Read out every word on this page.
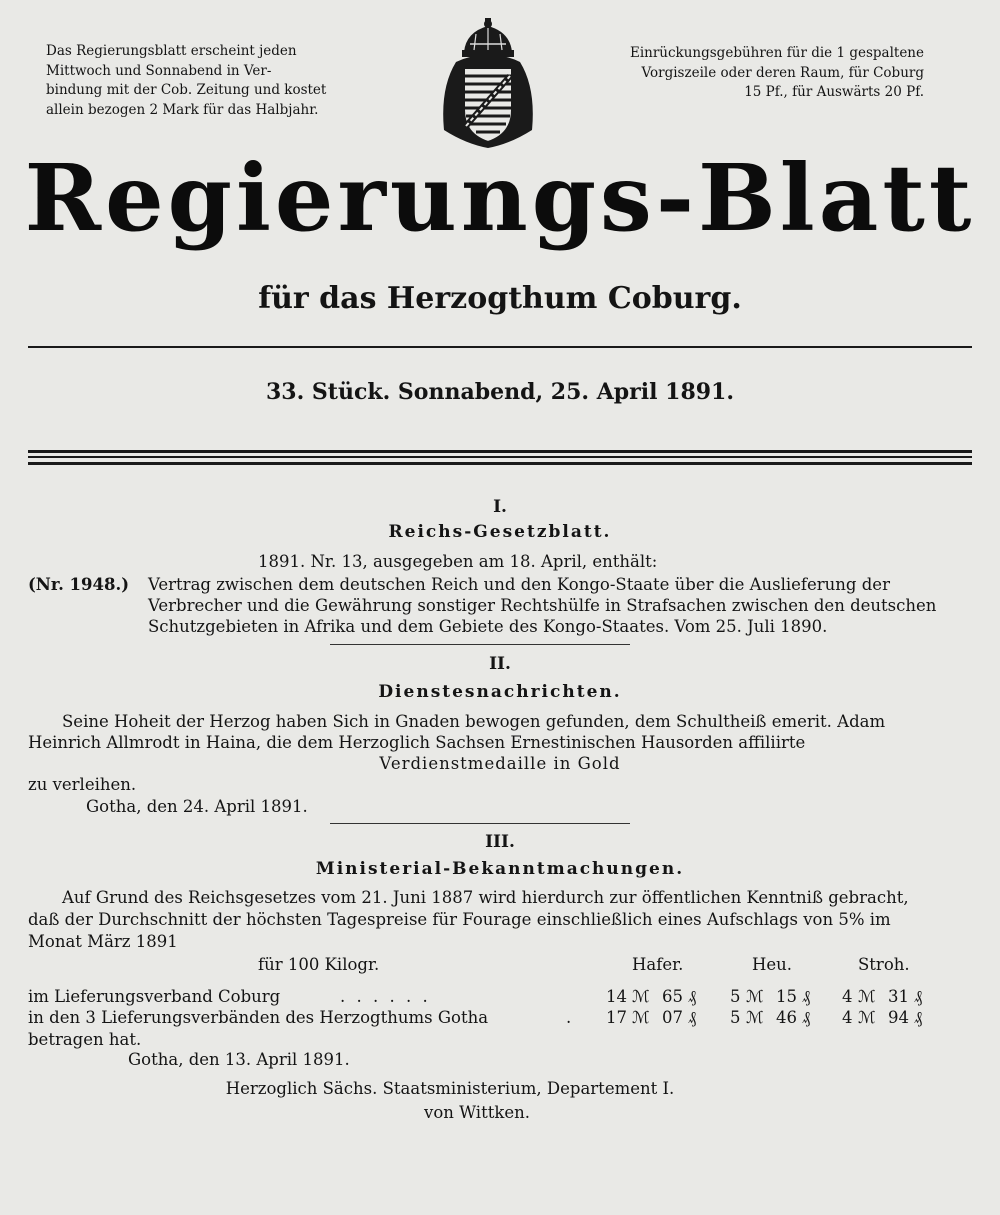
Das Regierungsblatt erscheint jeden
Mittwoch und Sonnabend in Ver-
bindung mit der Cob. Zeitung und kostet
allein bezogen 2 Mark für das Halbjahr.
Einrückungsgebühren für die 1 gespaltene
Vorgiszeile oder deren Raum, für Coburg
15 Pf., für Auswärts 20 Pf.
Regierungs-Blatt
für das Herzogthum Coburg.
33. Stück. Sonnabend, 25. April 1891.
I.
Reichs-Gesetzblatt.
1891. Nr. 13, ausgegeben am 18. April, enthält:
(Nr. 1948.) Vertrag zwischen dem deutschen Reich und den Kongo-Staate über die Auslieferung der
Verbrecher und die Gewährung sonstiger Rechtshülfe in Strafsachen zwischen den deutschen
Schutzgebieten in Afrika und dem Gebiete des Kongo-Staates. Vom 25. Juli 1890.
II.
Dienstesnachrichten.
Seine Hoheit der Herzog haben Sich in Gnaden bewogen gefunden, dem Schultheiß emerit. Adam
Heinrich Allmrodt in Haina, die dem Herzoglich Sachsen Ernestinischen Hausorden affiliirte
Verdienstmedaille in Gold
zu verleihen.
Gotha, den 24. April 1891.
III.
Ministerial-Bekanntmachungen.
Auf Grund des Reichsgesetzes vom 21. Juni 1887 wird hierdurch zur öffentlichen Kenntniß gebracht,
daß der Durchschnitt der höchsten Tagespreise für Fourage einschließlich eines Aufschlags von 5% im
Monat März 1891
für 100 Kilogr.	Hafer.	Heu.	Stroh.
im Lieferungsverband Coburg	. . . . . .	14 ℳ 65 ₰ 5 ℳ 15 ₰ 4 ℳ 31 ₰
in den 3 Lieferungsverbänden des Herzogthums Gotha	. 17 ℳ 07 ₰ 5 ℳ 46 ₰ 4 ℳ 94 ₰
betragen hat.
Gotha, den 13. April 1891.
Herzoglich Sächs. Staatsministerium, Departement I.
von Wittken.
